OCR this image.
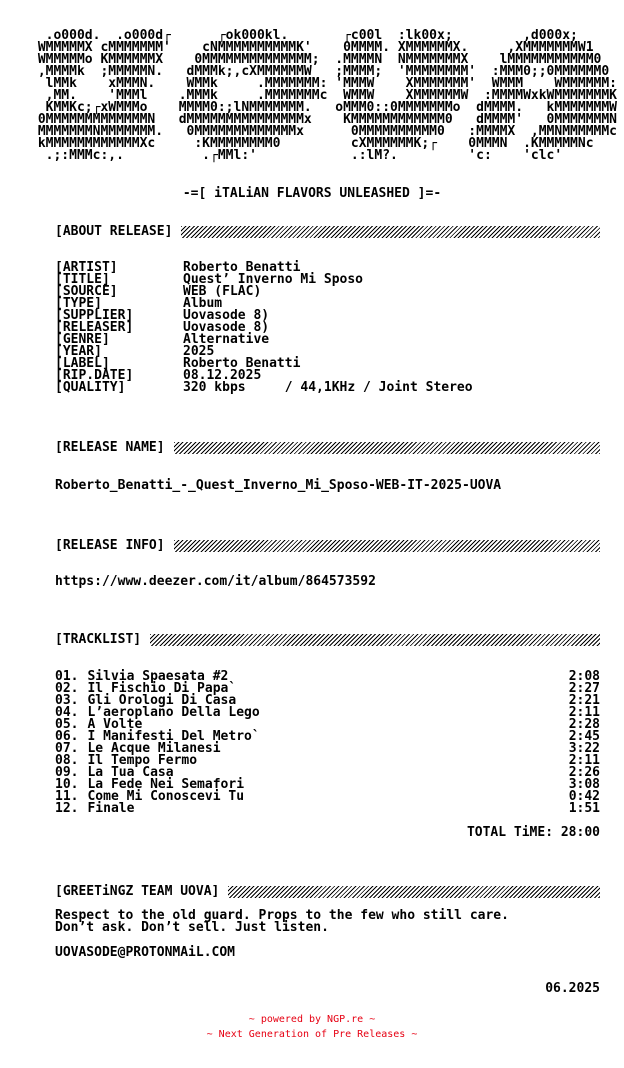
.o000d.  .o000d┌      ┌ok000kl.       ┌c00l  :lk00x;         ,d000x;
WMMMMMX cMMMMMMM'    cNMMMMMMMMMMK'    0MMMM. XMMMMMMX.     ,XMMMMMMMW1
WMMMMMo KMMMMMMX    0MMMMMMMMMMMMMM;  .MMMMN  NMMMMMMMX    lMMMMMMMMMMM0
,MMMMk  ;MMMMMN.   dMMMk;,cXMMMMMMW   ;MMMM;  'MMMMMMMM'  :MMM0;;0MMMMMM0
lMMk    xMMMN.    WMMk     .MMMMMMM: 'MMMW    XMMMMMMM'  WMMM    WMMMMMM:
,MM.    'MMMl    .MMMk     .MMMMMMMc  WMMW    XMMMMMMW  :MMMMWxkWMMMMMMMK
KMMKc;┌xWMMMo    MMMM0:;lNMMMMMMM.   oMMM0::0MMMMMMMo  dMMMM.   kMMMMMMMW
0MMMMMMMMMMMMMN   dMMMMMMMMMMMMMMMx    KMMMMMMMMMMMM0   dMMMM'   0MMMMMMMN
MMMMMMMNMMMMMMM.   0MMMMMMMMMMMMMx      0MMMMMMMMMM0   :MMMMX  ,MMNMMMMMMc
kMMMMMMMMMMMMXc     :KMMMMMMMM0         cXMMMMMMK;┌    0MMMN  .KMMMMMNc
.;:MMMc:,.          .┌MMl:'            .:lM?.         'c:    'clc'
-=[ iTALiAN FLAVORS UNLEASHED ]=-
[ABOUT RELEASE]
[ARTIST]	Roberto Benatti
[TITLE]	Quest’ Inverno Mi Sposo
[SOURCE]	WEB (FLAC)
[TYPE]	Album
[SUPPLIER]	Uovasode 8)
[RELEASER]	Uovasode 8)
[GENRE]	Alternative
[YEAR]	2025
[LABEL]	Roberto Benatti
[RIP.DATE]	08.12.2025
[QUALITY]	320 kbps     / 44,1KHz / Joint Stereo
[RELEASE NAME]
Roberto_Benatti_-_Quest_Inverno_Mi_Sposo-WEB-IT-2025-UOVA
[RELEASE INFO]
https://www.deezer.com/it/album/864573592
[TRACKLIST]
01. Silvia Spaesata #2	2:08
02. Il Fischio Di Papa`	2:27
03. Gli Orologi Di Casa	2:21
04. L’aeroplano Della Lego	2:11
05. A Volte	2:28
06. I Manifesti Del Metro`	2:45
07. Le Acque Milanesi	3:22
08. Il Tempo Fermo	2:11
09. La Tua Casa	2:26
10. La Fede Nei Semafori	3:08
11. Come Mi Conoscevi Tu	0:42
12. Finale	1:51
TOTAL TiME: 28:00
[GREETiNGZ TEAM UOVA]
Respect to the old guard. Props to the few who still care.
Don’t ask. Don’t sell. Just listen.
UOVASODE@PROTONMAiL.COM
06.2025
~ powered by NGP.re ~
~ Next Generation of Pre Releases ~
